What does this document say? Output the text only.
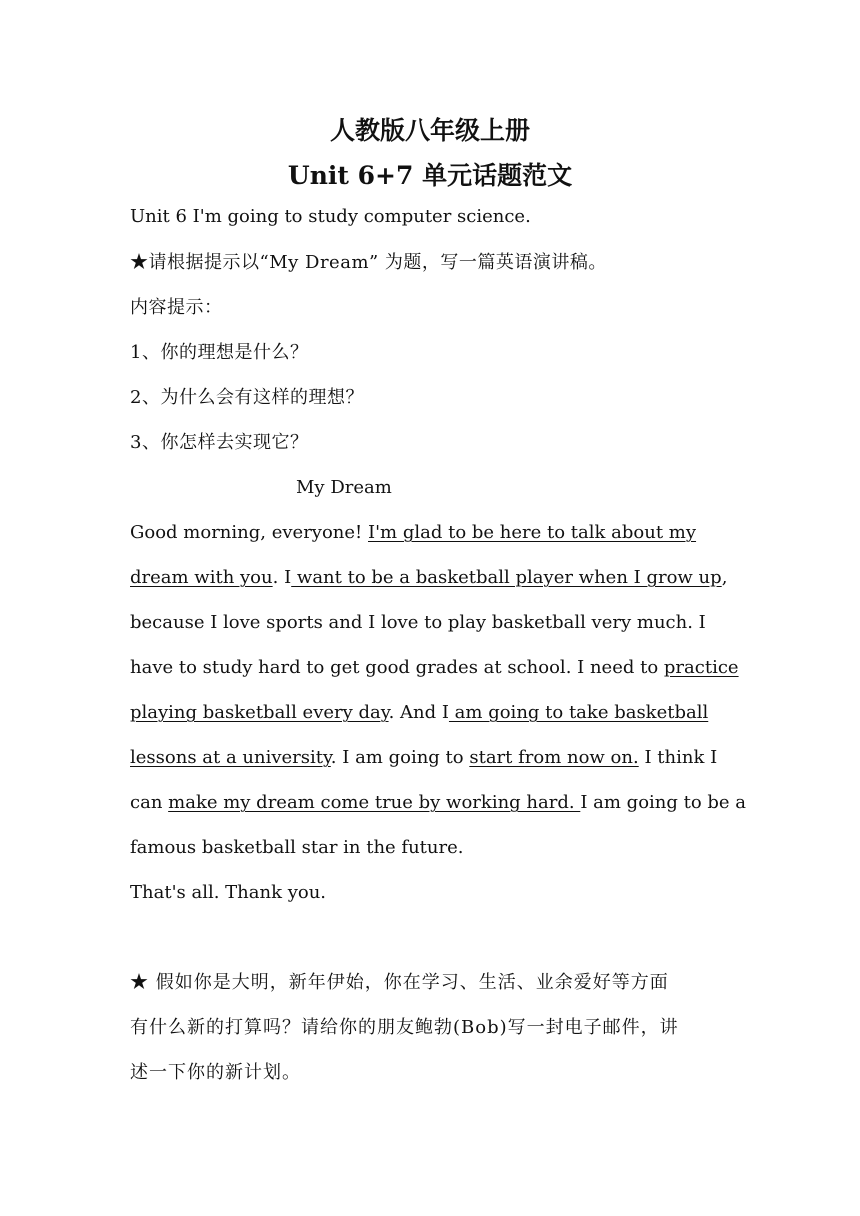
人教版八年级上册
Unit 6+7 单元话题范文
Unit 6 I'm going to study computer science.
★请根据提示以“My Dream” 为题，写一篇英语演讲稿。
内容提示：
1、你的理想是什么？
2、为什么会有这样的理想？
3、你怎样去实现它？
My Dream
Good morning, everyone! I'm glad to be here to talk about my
dream with you. I want to be a basketball player when I grow up,
because I love sports and I love to play basketball very much. I
have to study hard to get good grades at school. I need to practice
playing basketball every day. And I am going to take basketball
lessons at a university. I am going to start from now on. I think I
can make my dream come true by working hard. I am going to be a
famous basketball star in the future.
That's all. Thank you.
★ 假如你是大明，新年伊始，你在学习、生活、业余爱好等方面
有什么新的打算吗？请给你的朋友鲍勃(Bob)写一封电子邮件，讲
述一下你的新计划。
